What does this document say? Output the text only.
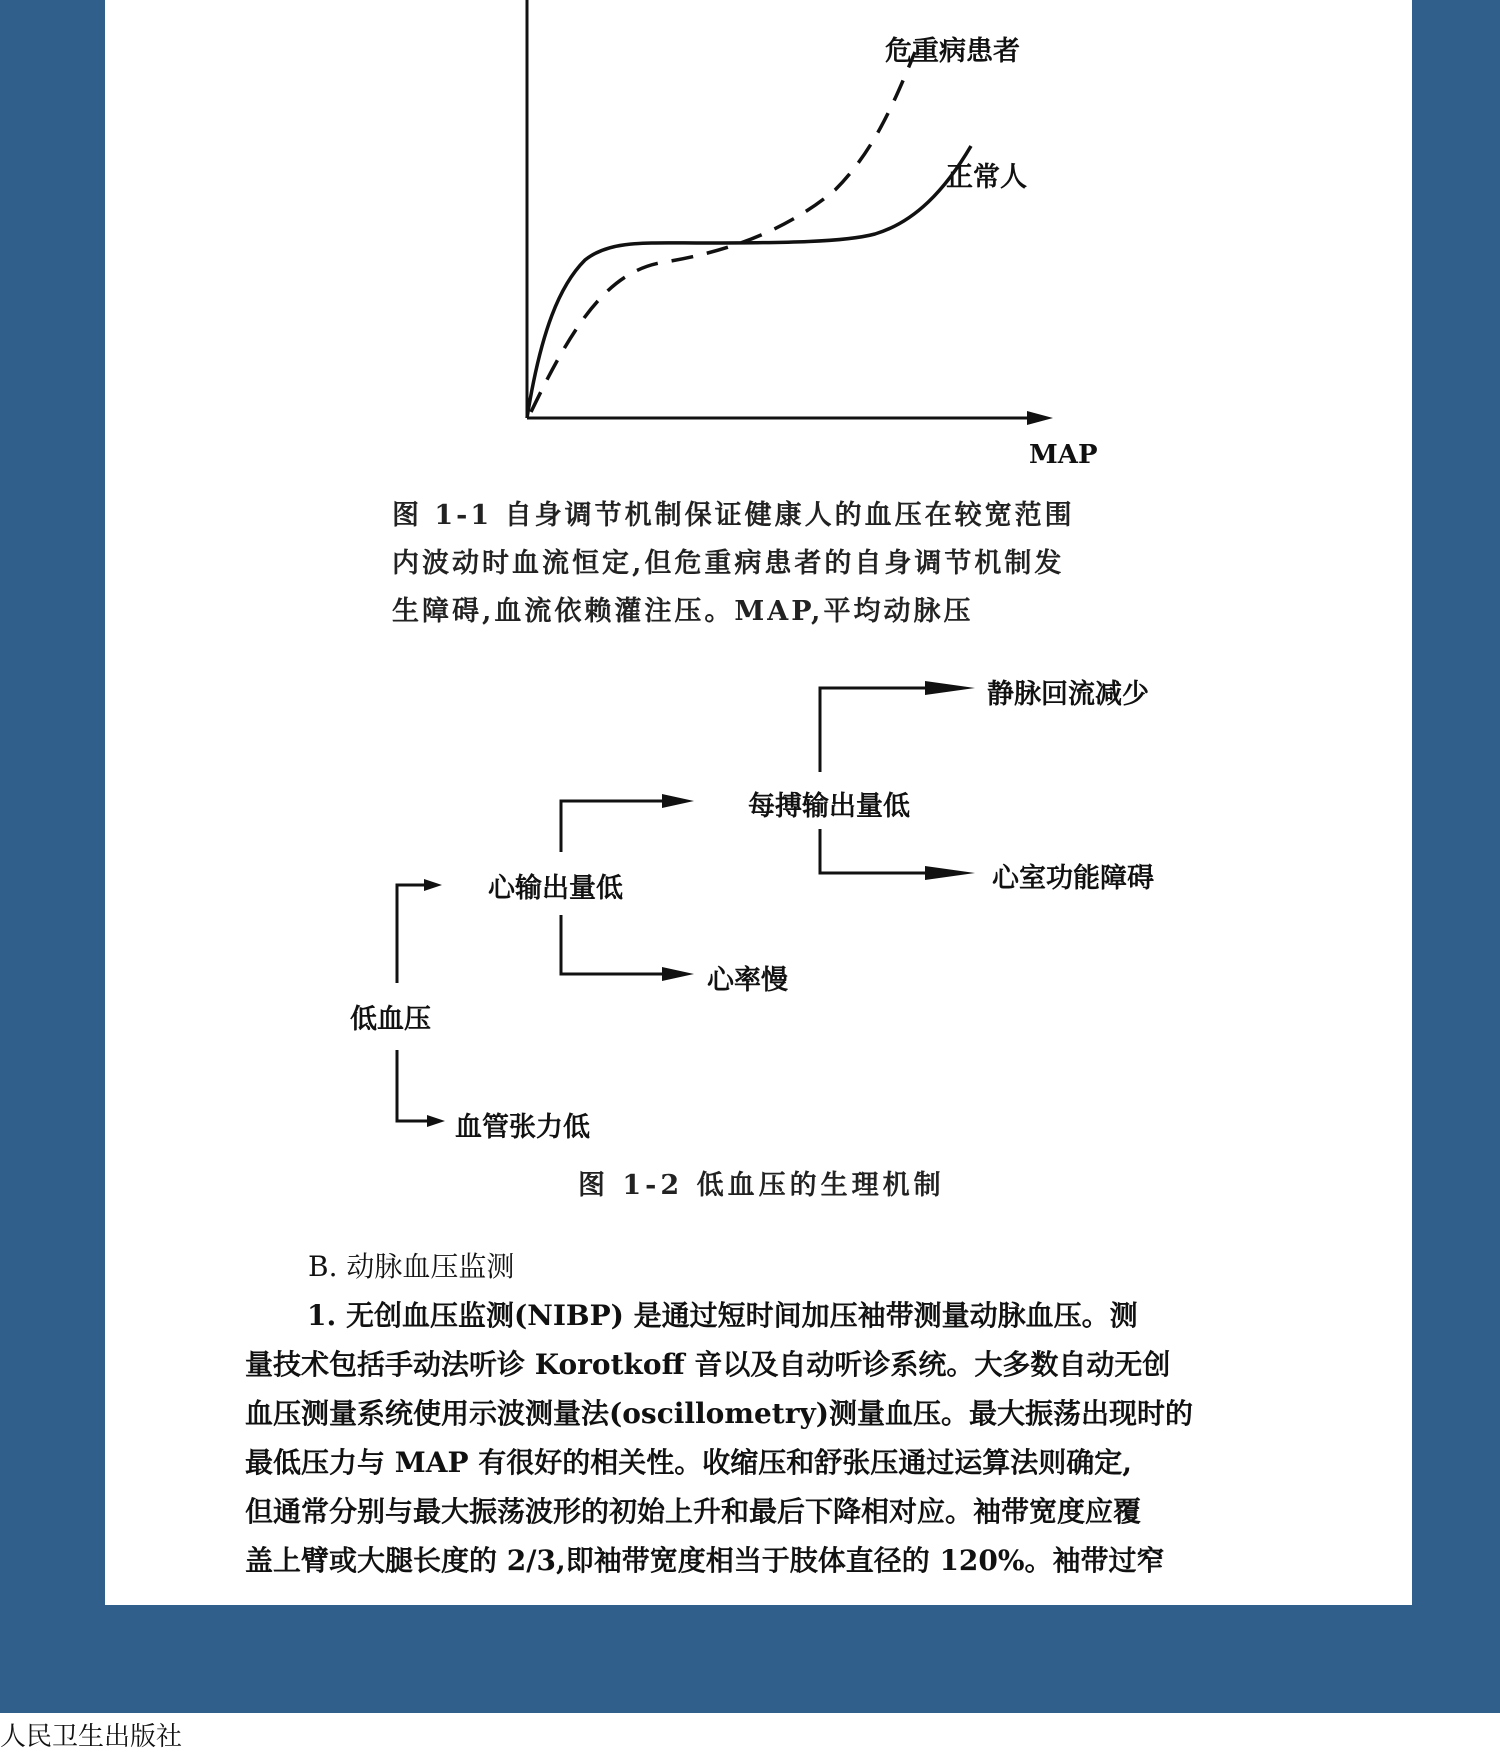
危重病患者
正常人
MAP
图 1-1 自身调节机制保证健康人的血压在较宽范围
内波动时血流恒定,但危重病患者的自身调节机制发
生障碍,血流依赖灌注压。MAP,平均动脉压
低血压
心输出量低
血管张力低
每搏输出量低
心率慢
静脉回流减少
心室功能障碍
图 1-2 低血压的生理机制
B. 动脉血压监测
1. 无创血压监测(NIBP) 是通过短时间加压袖带测量动脉血压。测
量技术包括手动法听诊 Korotkoff 音以及自动听诊系统。大多数自动无创
血压测量系统使用示波测量法(oscillometry)测量血压。最大振荡出现时的
最低压力与 MAP 有很好的相关性。收缩压和舒张压通过运算法则确定,
但通常分别与最大振荡波形的初始上升和最后下降相对应。袖带宽度应覆
盖上臂或大腿长度的 2/3,即袖带宽度相当于肢体直径的 120%。袖带过窄
人民卫生出版社
